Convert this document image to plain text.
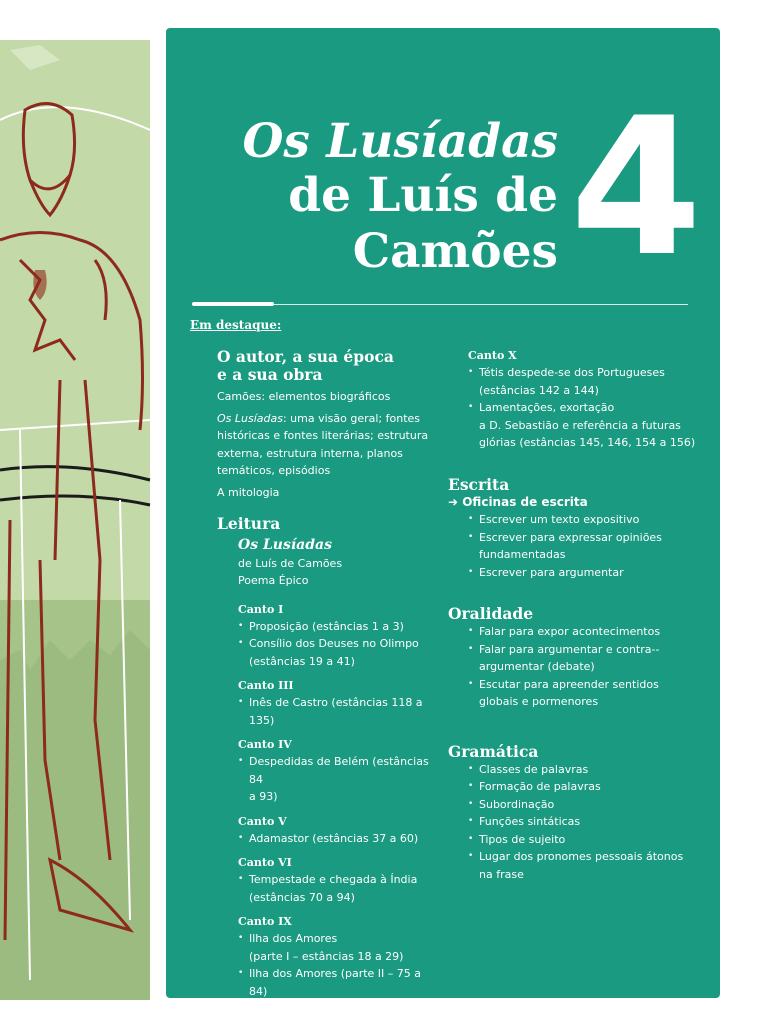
Os Lusíadas
de Luís de
Camões 4
Em destaque:
O autor, a sua época
e a sua obra
Camões: elementos biográficos
Os Lusíadas: uma visão geral; fontes históricas e fontes literárias; estrutura externa, estrutura interna, planos temáticos, episódios
A mitologia
Leitura
Os Lusíadas
de Luís de Camões
Poema Épico
Canto I
• Proposição (estâncias 1 a 3)
• Consílio dos Deuses no Olimpo
(estâncias 19 a 41)
Canto III
• Inês de Castro (estâncias 118 a 135)
Canto IV
• Despedidas de Belém (estâncias 84
a 93)
Canto V
• Adamastor (estâncias 37 a 60)
Canto VI
• Tempestade e chegada à Índia
(estâncias 70 a 94)
Canto IX
• Ilha dos Amores
(parte I – estâncias 18 a 29)
• Ilha dos Amores (parte II – 75 a 84)
Canto X
• Tétis despede-se dos Portugueses
(estâncias 142 a 144)
• Lamentações, exortação
a D. Sebastião e referência a futuras glórias (estâncias 145, 146, 154 a 156)
Escrita
➜ Oficinas de escrita
• Escrever um texto expositivo
• Escrever para expressar opiniões fundamentadas
• Escrever para argumentar
Oralidade
• Falar para expor acontecimentos
• Falar para argumentar e contra--argumentar (debate)
• Escutar para apreender sentidos globais e pormenores
Gramática
• Classes de palavras
• Formação de palavras
• Subordinação
• Funções sintáticas
• Tipos de sujeito
• Lugar dos pronomes pessoais átonos na frase
